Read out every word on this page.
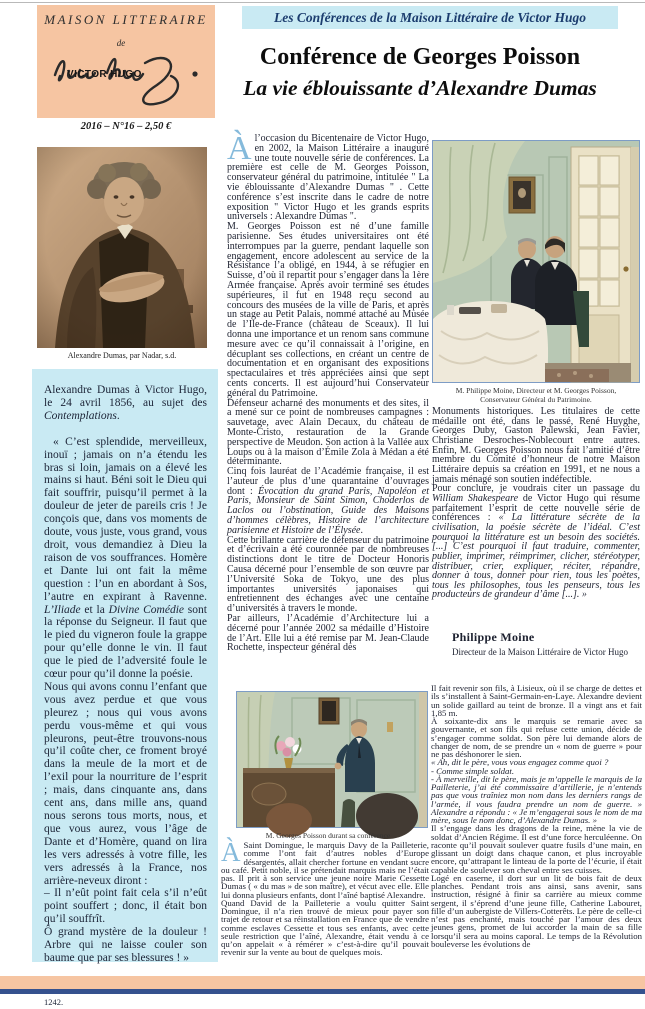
MAISON LITTERAIRE
de
VICTOR HUGO
2016 – N°16 – 2,50 €
Les Conférences de la Maison Littéraire de Victor Hugo
Conférence de Georges Poisson
La vie éblouissante d’Alexandre Dumas
Alexandre Dumas, par Nadar, s.d.

Alexandre Dumas à Victor Hugo, le 24 avril 1856, au sujet des Contemplations.

« C’est splendide, merveilleux, inouï ; jamais on n’a étendu les bras si loin, jamais on a élevé les mains si haut. Béni soit le Dieu qui fait souffrir, puisqu’il permet à la douleur de jeter de pareils cris ! Je conçois que, dans vos moments de doute, vous juste, vous grand, vous droit, vous demandiez à Dieu la raison de vos souffrances. Homère et Dante lui ont fait la même question : l’un en abordant à Sos, l’autre en expirant à Ravenne. L’Iliade et la Divine Comédie sont la réponse du Seigneur. Il faut que le pied du vigneron foule la grappe pour qu’elle donne le vin. Il faut que le pied de l’adversité foule le cœur pour qu’il donne la poésie.

Nous qui avons connu l’enfant que vous avez perdue et que vous pleurez ; nous qui vous avons perdu vous-même et qui vous pleurons, peut-être trouvons-nous qu’il coûte cher, ce froment broyé dans la meule de la mort et de l’exil pour la nourriture de l’esprit ; mais, dans cinquante ans, dans cent ans, dans mille ans, quand nous serons tous morts, nous, et que vous aurez, vous l’âge de Dante et d’Homère, quand on lira les vers adressés à votre fille, les vers adressés à la France, nos arrière-neveux diront :

– Il n’eût point fait cela s’il n’eût point souffert ; donc, il était bon qu’il souffrît.

Ô grand mystère de la douleur ! Arbre qui ne laisse couler son baume que par ses blessures ! »

1242.

Àl’occasion du Bicentenaire de Victor Hugo, en 2002, la Maison Littéraire a inauguré une toute nouvelle série de conférences. La première est celle de M. Georges Poisson, conservateur général du patrimoine, intitulée " La vie éblouissante d’Alexandre Dumas " . Cette conférence s’est inscrite dans le cadre de notre exposition " Victor Hugo et les grands esprits universels : Alexandre Dumas ".

M. Georges Poisson est né d’une famille parisienne. Ses études universitaires ont été interrompues par la guerre, pendant laquelle son engagement, encore adolescent au service de la Résistance l’a obligé, en 1944, à se réfugier en Suisse, d’où il repartit pour s’engager dans la 1ère Armée française. Après avoir terminé ses études supérieures, il fut en 1948 reçu second au concours des musées de la ville de Paris, et après un stage au Petit Palais, nommé attaché au Musée de l’Ile-de-France (château de Sceaux). Il lui donna une importance et un renom sans commune mesure avec ce qu’il connaissait à l’origine, en décuplant ses collections, en créant un centre de documentation et en organisant des expositions spectaculaires et très appréciées ainsi que sept cents concerts. Il est aujourd’hui Conservateur général du Patrimoine.

Défenseur acharné des monuments et des sites, il a mené sur ce point de nombreuses campagnes : sauvetage, avec Alain Decaux, du château de Monte-Cristo, restauration de la Grande perspective de Meudon. Son action à la Vallée aux Loups ou à la maison d’Émile Zola à Médan a été déterminante.

Cinq fois lauréat de l’Académie française, il est l’auteur de plus d’une quarantaine d’ouvrages dont : Évocation du grand Paris, Napoléon et Paris, Monsieur de Saint Simon, Choderlos de Laclos ou l’obstination, Guide des Maisons d’hommes célèbres, Histoire de l’architecture parisienne et Histoire de l’Élysée.

Cette brillante carrière de défenseur du patrimoine et d’écrivain a été couronnée par de nombreuses distinctions dont le titre de Docteur Honoris Causa décerné pour l’ensemble de son œuvre par l’Université Soka de Tokyo, une des plus importantes universités japonaises qui entretiennent des échanges avec une centaine d’universités à travers le monde.

Par ailleurs, l’Académie d’Architecture lui a décerné pour l’année 2002 sa médaille d’Histoire de l’Art. Elle lui a été remise par M. Jean-Claude Rochette, inspecteur général des

M. Georges Poisson durant sa conférence

À Saint Domingue, le marquis Davy de la Pailleterie, comme l’ont fait d’autres nobles d’Europe désargentés, allait chercher fortune en vendant sucre ou café. Petit noble, il se prétendait marquis mais ne l’était pas. Il prit à son service une jeune noire Marie Cessette Dumas ( « du mas » de son maître), et vécut avec elle. Elle lui donna plusieurs enfants, dont l’aîné baptisé Alexandre.

Quand David de la Pailleterie a voulu quitter Saint Domingue, il n’a rien trouvé de mieux pour payer son trajet de retour et sa réinstallation en France que de vendre comme esclaves Cessette et tous ses enfants, avec cette seule restriction que l’aîné, Alexandre, était vendu à ce qu’on appelait « à rémérer » c’est-à-dire qu’il pouvait revenir sur la vente au bout de quelques mois.

M. Philippe Moine, Directeur et M. Georges Poisson,
Conservateur Général du Patrimoine.

Monuments historiques. Les titulaires de cette médaille ont été, dans le passé, René Huyghe, Georges Duby, Gaston Palewski, Jean Favier, Christiane Desroches-Noblecourt entre autres. Enfin, M. Georges Poisson nous fait l’amitié d’être membre du Comité d’honneur de notre Maison Littéraire depuis sa création en 1991, et ne nous a jamais ménagé son soutien indéfectible.

Pour conclure, je voudrais citer un passage du William Shakespeare de Victor Hugo qui résume parfaitement l’esprit de cette nouvelle série de conférences : « La littérature sécrète de la civilisation, la poésie sécrète de l’idéal. C’est pourquoi la littérature est un besoin des sociétés. [...] C’est pourquoi il faut traduire, commenter, publier, imprimer, réimprimer, clicher, stéréotyper, distribuer, crier, expliquer, réciter, répandre, donner à tous, donner pour rien, tous les poètes, tous les philosophes, tous les penseurs, tous les producteurs de grandeur d’âme [...]. »

Philippe Moine
Directeur de la Maison Littéraire de Victor Hugo

Il fait revenir son fils, à Lisieux, où il se charge de dettes et ils s’installent à Saint-Germain-en-Laye. Alexandre devient un solide gaillard au teint de bronze. Il a vingt ans et fait 1,85 m.

À soixante-dix ans le marquis se remarie avec sa gouvernante, et son fils qui refuse cette union, décide de s’engager comme soldat. Son père lui demande alors de changer de nom, de se prendre un « nom de guerre » pour ne pas déshonorer le sien.

« Ah, dit le père, vous vous engagez comme quoi ?

- Comme simple soldat.

- À merveille, dit le père, mais je m’appelle le marquis de la Pailleterie, j’ai été commissaire d’artillerie, je n’entends pas que vous traîniez mon nom dans les derniers rangs de l’armée, il vous faudra prendre un nom de guerre. » Alexandre a répondu : « Je m’engagerai sous le nom de ma mère, sous le nom donc, d’Alexandre Dumas. »

Il s’engage dans les dragons de la reine, mène la vie de soldat d’Ancien Régime. Il est d’une force herculéenne. On raconte qu’il pouvait soulever quatre fusils d’une main, en glissant un doigt dans chaque canon, et plus incroyable encore, qu’attrapant le linteau de la porte de l’écurie, il était capable de soulever son cheval entre ses cuisses.

Logé en caserne, il dort sur un lit de bois fait de deux planches. Pendant trois ans ainsi, sans avenir, sans instruction, résigné à finir sa carrière au mieux comme sergent, il s’éprend d’une jeune fille, Catherine Labouret, fille d’un aubergiste de Villers-Cotterêts. Le père de celle-ci n’est pas enchanté, mais touché par l’amour des deux jeunes gens, promet de lui accorder la main de sa fille lorsqu’il sera au moins caporal. Le temps de la Révolution bouleverse les évolutions de
